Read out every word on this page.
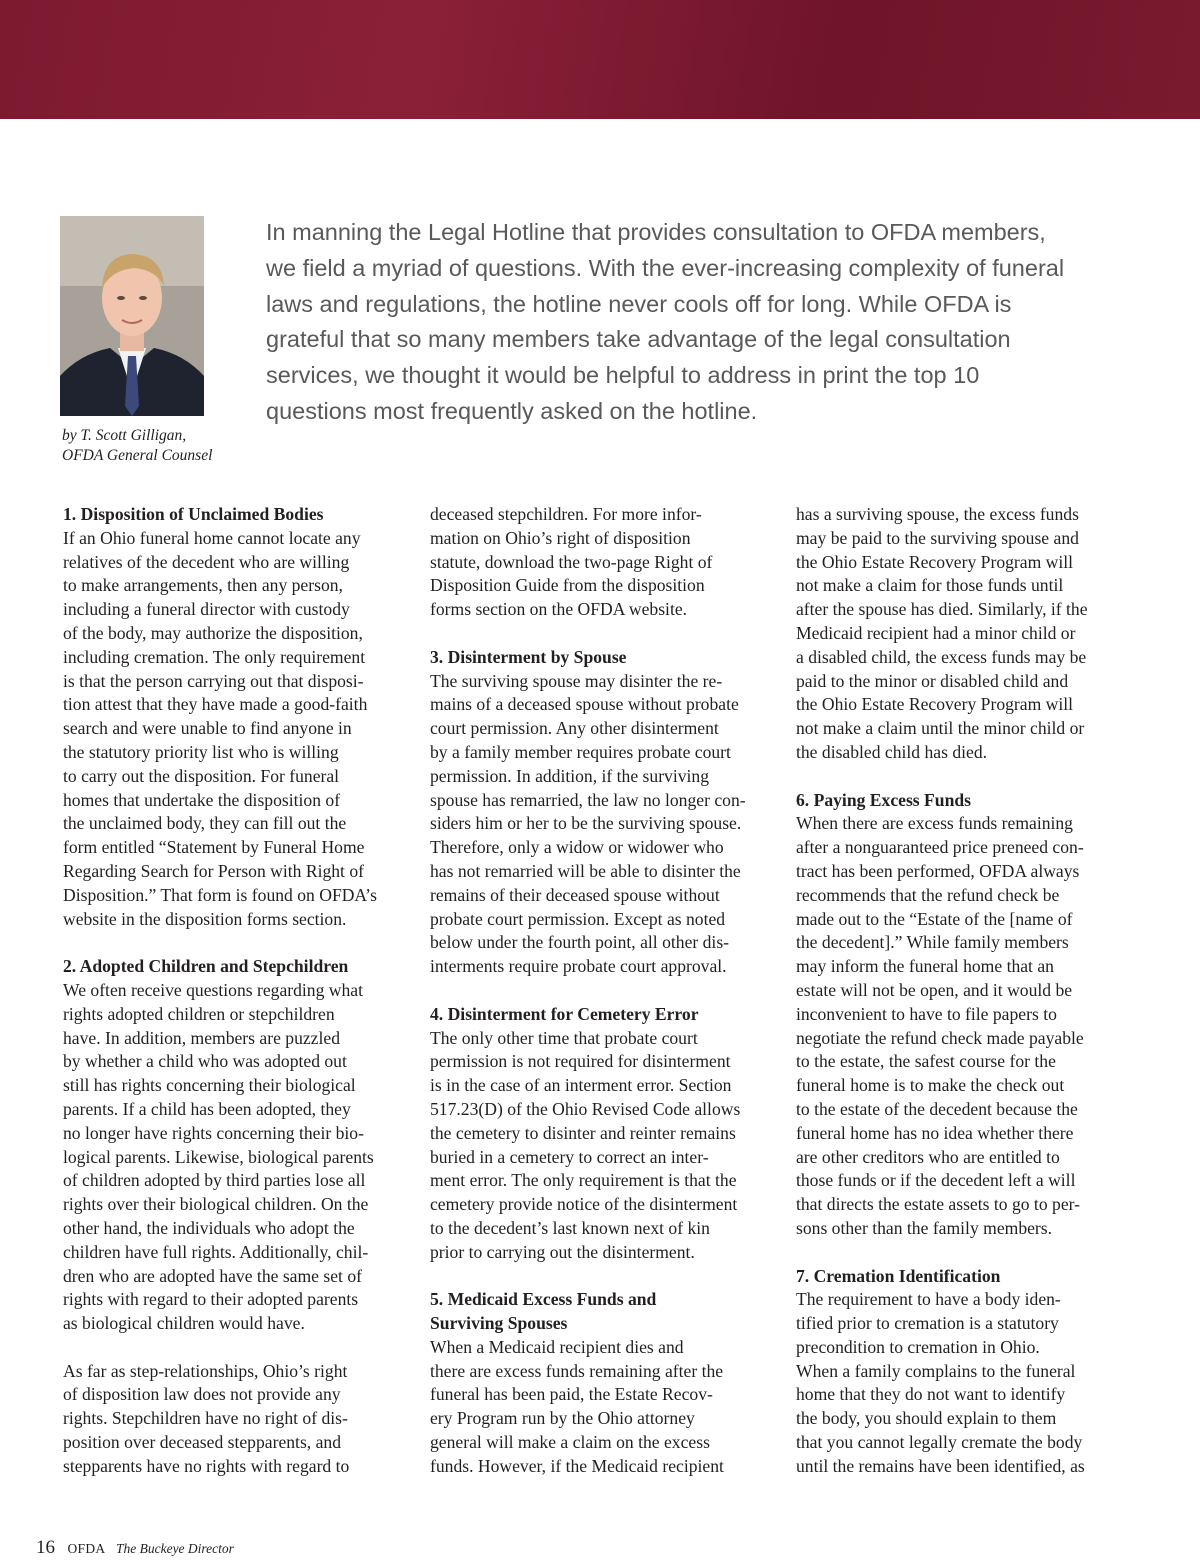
by T. Scott Gilligan,
OFDA General Counsel
In manning the Legal Hotline that provides consultation to OFDA members,
we field a myriad of questions. With the ever-increasing complexity of funeral
laws and regulations, the hotline never cools off for long. While OFDA is
grateful that so many members take advantage of the legal consultation
services, we thought it would be helpful to address in print the top 10
questions most frequently asked on the hotline.
1. Disposition of Unclaimed Bodies
If an Ohio funeral home cannot locate any
relatives of the decedent who are willing
to make arrangements, then any person,
including a funeral director with custody
of the body, may authorize the disposition,
including cremation. The only requirement
is that the person carrying out that disposi-
tion attest that they have made a good-faith
search and were unable to find anyone in
the statutory priority list who is willing
to carry out the disposition. For funeral
homes that undertake the disposition of
the unclaimed body, they can fill out the
form entitled “Statement by Funeral Home
Regarding Search for Person with Right of
Disposition.” That form is found on OFDA’s
website in the disposition forms section.
2. Adopted Children and Stepchildren
We often receive questions regarding what
rights adopted children or stepchildren
have. In addition, members are puzzled
by whether a child who was adopted out
still has rights concerning their biological
parents. If a child has been adopted, they
no longer have rights concerning their bio-
logical parents. Likewise, biological parents
of children adopted by third parties lose all
rights over their biological children. On the
other hand, the individuals who adopt the
children have full rights. Additionally, chil-
dren who are adopted have the same set of
rights with regard to their adopted parents
as biological children would have.
As far as step-relationships, Ohio’s right
of disposition law does not provide any
rights. Stepchildren have no right of dis-
position over deceased stepparents, and
stepparents have no rights with regard to
deceased stepchildren. For more infor-
mation on Ohio’s right of disposition
statute, download the two-page Right of
Disposition Guide from the disposition
forms section on the OFDA website.
3. Disinterment by Spouse
The surviving spouse may disinter the re-
mains of a deceased spouse without probate
court permission. Any other disinterment
by a family member requires probate court
permission. In addition, if the surviving
spouse has remarried, the law no longer con-
siders him or her to be the surviving spouse.
Therefore, only a widow or widower who
has not remarried will be able to disinter the
remains of their deceased spouse without
probate court permission. Except as noted
below under the fourth point, all other dis-
interments require probate court approval.
4. Disinterment for Cemetery Error
The only other time that probate court
permission is not required for disinterment
is in the case of an interment error. Section
517.23(D) of the Ohio Revised Code allows
the cemetery to disinter and reinter remains
buried in a cemetery to correct an inter-
ment error. The only requirement is that the
cemetery provide notice of the disinterment
to the decedent’s last known next of kin
prior to carrying out the disinterment.
5. Medicaid Excess Funds and
Surviving Spouses
When a Medicaid recipient dies and
there are excess funds remaining after the
funeral has been paid, the Estate Recov-
ery Program run by the Ohio attorney
general will make a claim on the excess
funds. However, if the Medicaid recipient
has a surviving spouse, the excess funds
may be paid to the surviving spouse and
the Ohio Estate Recovery Program will
not make a claim for those funds until
after the spouse has died. Similarly, if the
Medicaid recipient had a minor child or
a disabled child, the excess funds may be
paid to the minor or disabled child and
the Ohio Estate Recovery Program will
not make a claim until the minor child or
the disabled child has died.
6. Paying Excess Funds
When there are excess funds remaining
after a nonguaranteed price preneed con-
tract has been performed, OFDA always
recommends that the refund check be
made out to the “Estate of the [name of
the decedent].” While family members
may inform the funeral home that an
estate will not be open, and it would be
inconvenient to have to file papers to
negotiate the refund check made payable
to the estate, the safest course for the
funeral home is to make the check out
to the estate of the decedent because the
funeral home has no idea whether there
are other creditors who are entitled to
those funds or if the decedent left a will
that directs the estate assets to go to per-
sons other than the family members.
7. Cremation Identification
The requirement to have a body iden-
tified prior to cremation is a statutory
precondition to cremation in Ohio.
When a family complains to the funeral
home that they do not want to identify
the body, you should explain to them
that you cannot legally cremate the body
until the remains have been identified, as
16 OFDA The Buckeye Director
